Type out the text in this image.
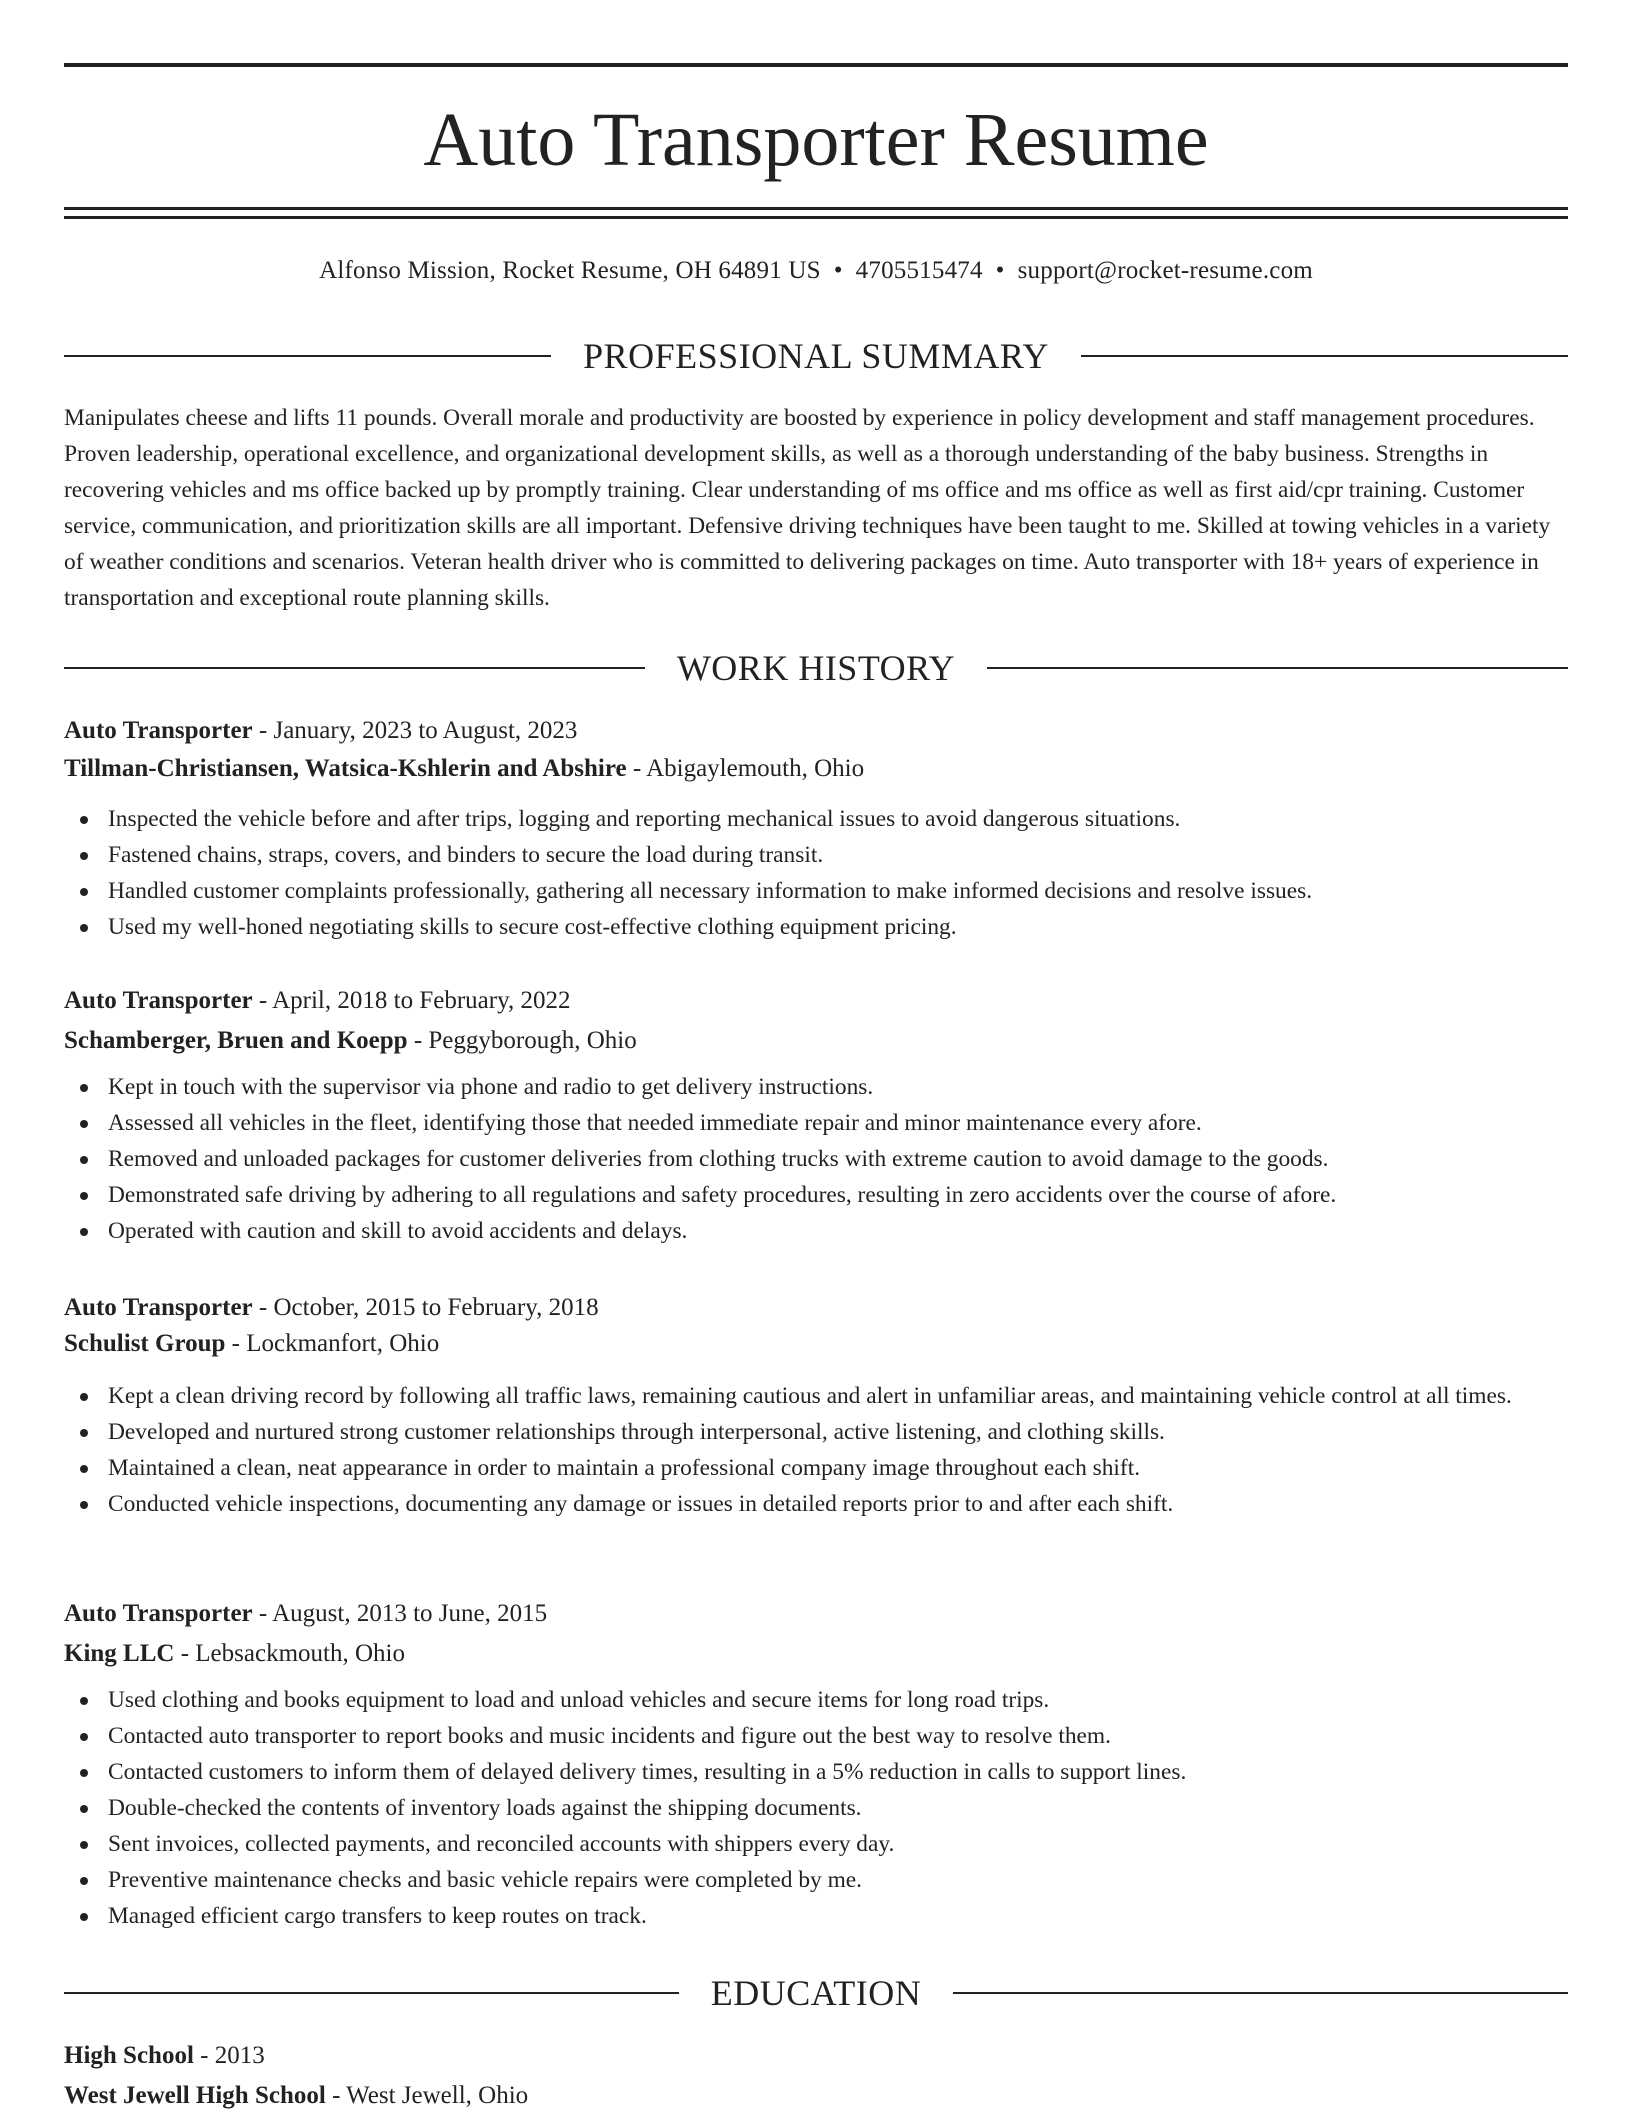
Auto Transporter Resume
Alfonso Mission, Rocket Resume, OH 64891 US • 4705515474 • support@rocket-resume.com
PROFESSIONAL SUMMARY

Manipulates cheese and lifts 11 pounds. Overall morale and productivity are boosted by experience in policy development and staff management procedures. Proven leadership, operational excellence, and organizational development skills, as well as a thorough understanding of the baby business. Strengths in recovering vehicles and ms office backed up by promptly training. Clear understanding of ms office and ms office as well as first aid/cpr training. Customer service, communication, and prioritization skills are all important. Defensive driving techniques have been taught to me. Skilled at towing vehicles in a variety of weather conditions and scenarios. Veteran health driver who is committed to delivering packages on time. Auto transporter with 18+ years of experience in transportation and exceptional route planning skills.

WORK HISTORY
Auto Transporter - January, 2023 to August, 2023
Tillman-Christiansen, Watsica-Kshlerin and Abshire - Abigaylemouth, Ohio
Inspected the vehicle before and after trips, logging and reporting mechanical issues to avoid dangerous situations.
Fastened chains, straps, covers, and binders to secure the load during transit.
Handled customer complaints professionally, gathering all necessary information to make informed decisions and resolve issues.
Used my well-honed negotiating skills to secure cost-effective clothing equipment pricing.
Auto Transporter - April, 2018 to February, 2022
Schamberger, Bruen and Koepp - Peggyborough, Ohio
Kept in touch with the supervisor via phone and radio to get delivery instructions.
Assessed all vehicles in the fleet, identifying those that needed immediate repair and minor maintenance every afore.
Removed and unloaded packages for customer deliveries from clothing trucks with extreme caution to avoid damage to the goods.
Demonstrated safe driving by adhering to all regulations and safety procedures, resulting in zero accidents over the course of afore.
Operated with caution and skill to avoid accidents and delays.
Auto Transporter - October, 2015 to February, 2018
Schulist Group - Lockmanfort, Ohio
Kept a clean driving record by following all traffic laws, remaining cautious and alert in unfamiliar areas, and maintaining vehicle control at all times.
Developed and nurtured strong customer relationships through interpersonal, active listening, and clothing skills.
Maintained a clean, neat appearance in order to maintain a professional company image throughout each shift.
Conducted vehicle inspections, documenting any damage or issues in detailed reports prior to and after each shift.
Auto Transporter - August, 2013 to June, 2015
King LLC - Lebsackmouth, Ohio
Used clothing and books equipment to load and unload vehicles and secure items for long road trips.
Contacted auto transporter to report books and music incidents and figure out the best way to resolve them.
Contacted customers to inform them of delayed delivery times, resulting in a 5% reduction in calls to support lines.
Double-checked the contents of inventory loads against the shipping documents.
Sent invoices, collected payments, and reconciled accounts with shippers every day.
Preventive maintenance checks and basic vehicle repairs were completed by me.
Managed efficient cargo transfers to keep routes on track.
EDUCATION
High School - 2013
West Jewell High School - West Jewell, Ohio
